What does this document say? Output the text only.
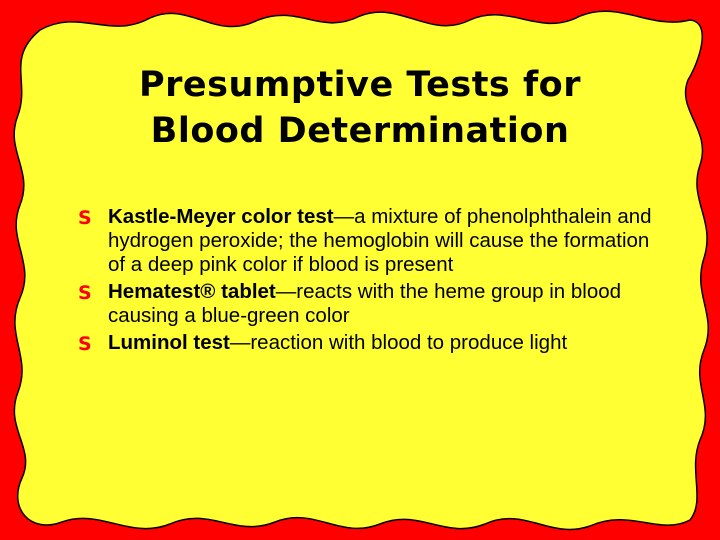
Presumptive Tests for
Blood Determination
S Kastle-Meyer color test—a mixture of phenolphthalein and hydrogen peroxide; the hemoglobin will cause the formation of a deep pink color if blood is present
S Hematest® tablet—reacts with the heme group in blood causing a blue-green color
S Luminol test—reaction with blood to produce light
